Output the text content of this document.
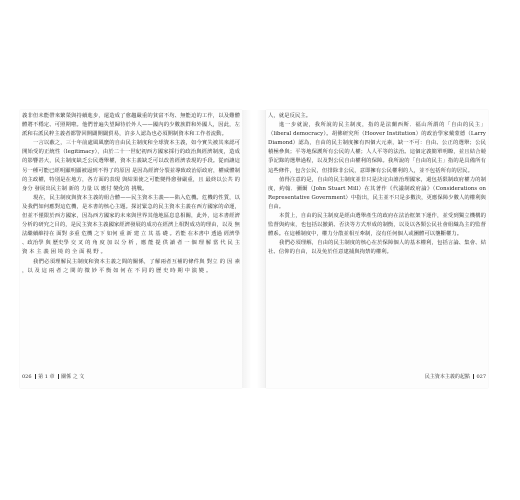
義非但未能帶來繁榮與持續進步，還造成了愈趨嚴重的貧富不均、無能迫的工作，以及難體體將不穩定、可照期啦。他們普遍失望歸待於外人——國內的少數族群和外國人，因此，左派和右派民粹主義者都警回開闢開闢貿易，許多人認為也必須開制資本和工作者流動。

一言以蔽之，三十年前處風風麼的自由民主制度和全球資本主義，如今實失被其來認可開始受的正統性（legitimacy），由於二十一世紀初西方國家採行的政治與經濟制度，造成的影響甚大，民主制度缺乏公民選舉權，資本主義缺乏可以改善經濟表現的手段。從而讓這另一種可能已經明顯明顯被逼到不得了的原因 是因為經濟分裂並導致政治原政府，權威體制的主政權，特別是在地方，各方面的表現 與結果使之可能變得愈發嚴重，且 最終以公共 的身分 發展出民主制 新的 力量 以 應付 變化的 挑戰。

現在，民主制度與資本主義的組合體——民主資本主義——陷入危機。危機的性質，以及我們如何應對這危機，是本書的核心主題。探討緊急的民主資本主義在西方國家的命運，但並不僅限於西方國家，因為西方國家的未來與世界其他地區息息相關，此外，這本書經濟分析的研究之目的，是民主資本主義國家經濟發展的成功在經濟上相對成功的理由，以及 無法繼續維持在 面對 多重 危機 之下 如何 重 新 建 立 其 基 礎 。若能 在本書中 透過 經濟學 、政治學 與 歷史學 交 叉 的 角 度 加 以 分 析 ，應 能 提 供 讀 者 一 個 理 解 當 代 民 主 資 本 主 義 困 境 的 全 面 視 野 。

我們必須理解民主制度和資本主義之間的關係，了解兩者互補的條件與 對立 的 因 素 ，以 及 這 兩 者 之 間 的 微 妙 平 衡 如 何 在 不 同 的 歷 史 時 期 中 演 變 。

026 第 1 章 關係 之 文

人，就是反民主。

進一步就說，我所說的民主制度，指的是法蘭西斯．福山所謂的「自由的民主」（liberal democracy）。胡佛研究所（Hoover Institution）的政治學家戴蒙德（Larry Diamond）認為，自由的民主制度擁有四個大元素，缺一不可：自由、公正的選舉；公民積極參與；平等地保護所有公民的人權；人人平等的法治。這個定義簡單明瞭，並且結合競爭記錄的選舉過程，以及對公民自由權利的保障。我所說的「自由的民主」指的是具備所有這些條件，包含公民，但排除非公民，意即擁有公民權利的人，並不包括所有的居民。

值得注意的是，自由的民主制度並非只是決定由誰治理國家，還包括限制政府權力的制度，約翰．彌爾（John Stuart Mill）在其著作《代議制政府論》（Considerations on Representative Government）中指出，民主並不只是多數決，更應保障少數人的權利與自由。

本質上，自由的民主制度是經由選舉產生的政府在法治框架下運作，並受到獨立機構的監督與約束，也包括以撤銷、否決等方式形成的制衡，以及以各類公民社會組織為主的監督體系。在這種制度中，權力分散並相互牽制，沒有任何個人或團體可以壟斷權力。

我們必須理解，自由的民主制度的核心在於保障個人的基本權利，包括言論、集會、結社、信仰的自由，以及免於任意逮捕與拘禁的權利。

民主資本主義的起點 027
